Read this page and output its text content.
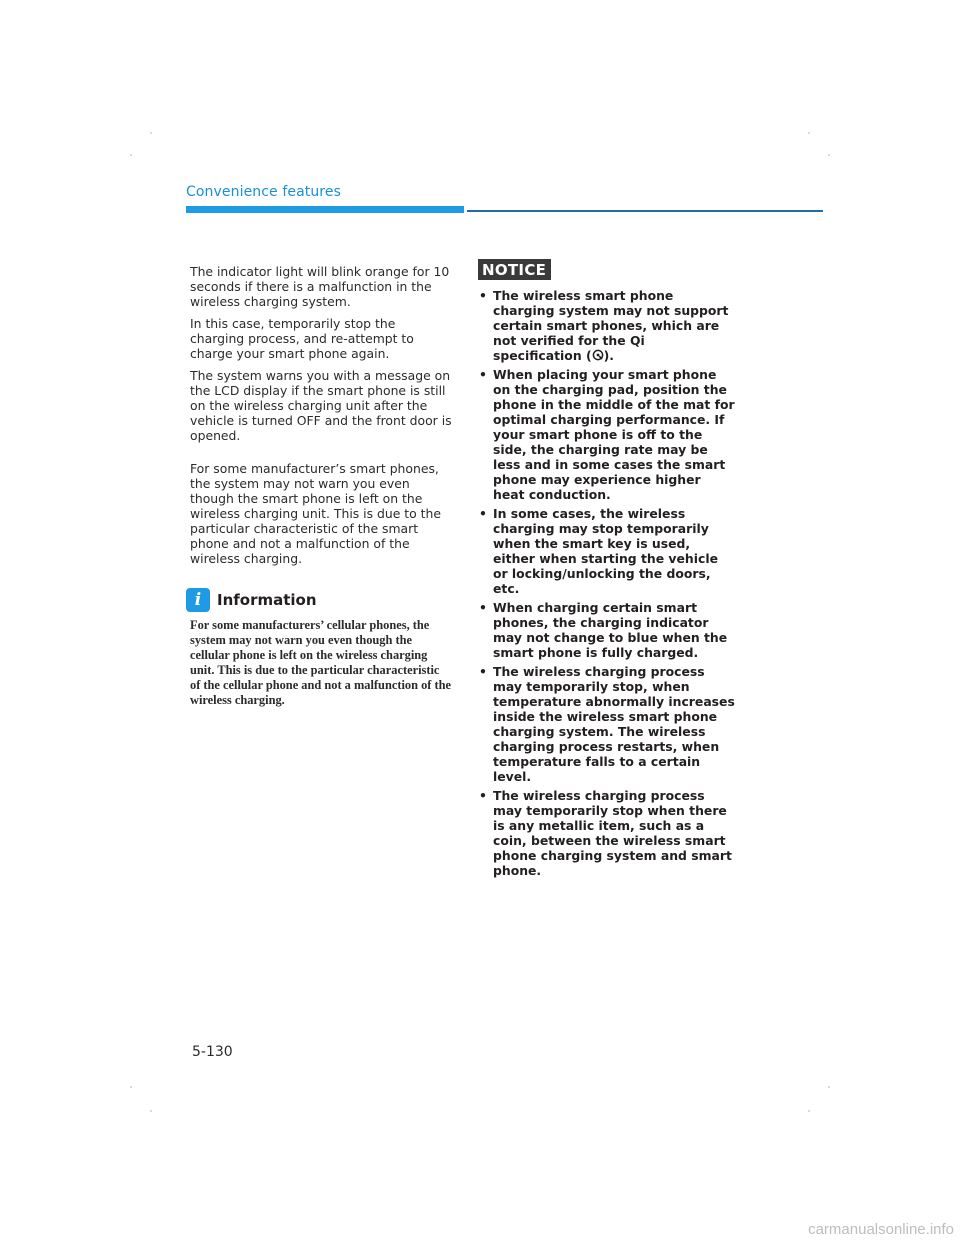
Convenience features

The indicator light will blink orange for 10 seconds if there is a malfunction in the wireless charging system.

In this case, temporarily stop the charging process, and re-attempt to charge your smart phone again.

The system warns you with a message on the LCD display if the smart phone is still on the wireless charging unit after the vehicle is turned OFF and the front door is opened.

For some manufacturer’s smart phones, the system may not warn you even though the smart phone is left on the wireless charging unit. This is due to the particular characteristic of the smart phone and not a malfunction of the wireless charging.

i	Information

For some manufacturers’ cellular phones, the system may not warn you even though the cellular phone is left on the wireless charging unit. This is due to the particular characteristic of the cellular phone and not a malfunction of the wireless charging.

NOTICE
• The wireless smart phone charging system may not support certain smart phones, which are not verified for the Qi specification ( ).
• When placing your smart phone on the charging pad, position the phone in the middle of the mat for optimal charging performance. If your smart phone is off to the side, the charging rate may be less and in some cases the smart phone may experience higher heat conduction.
• In some cases, the wireless charging may stop temporarily when the smart key is used, either when starting the vehicle or locking/unlocking the doors, etc.
• When charging certain smart phones, the charging indicator may not change to blue when the smart phone is fully charged.
• The wireless charging process may temporarily stop, when temperature abnormally increases inside the wireless smart phone charging system. The wireless charging process restarts, when temperature falls to a certain level.
• The wireless charging process may temporarily stop when there is any metallic item, such as a coin, between the wireless smart phone charging system and smart phone.
5-130
carmanualsonline.info
